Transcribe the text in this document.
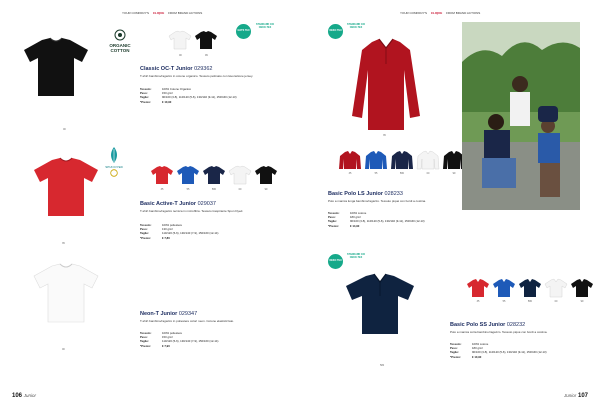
YOUR COMPANY'S CLIQUE FROM BRAND ACTIONS
00
ORGANIC COTTON
00	99
GOTS TEX
STANDARD 100 OEKO-TEX
Classic OC-T Junior 029362
T-shirt bambino/ragazzo in cotone organico. Tessuto pettinato con lavorazione jersey.
Tessuto:	100% Cotone Organico
Peso:	150 g/m²
Taglie:	90/100 (3-5), 110/120 (5-6), 130/140 (9-11), 150/160 (12-13)
*Prezzo:	€ 10,90
35
SPUN DYED
35	55	580	00	99
Basic Active-T Junior 029037
T-shirt bambino/ragazzo tecnica in microfibra. Tessuto traspirante Spun Dyed.
Tessuto:	100% poliestere
Peso:	130 g/m²
Taglie:	110/120 (5-6), 130/140 (7-9), 150/160 (12-14)
*Prezzo:	€ 7,80
00
Neon-T Junior 029347
T-shirt bambino/ragazzo in poliestere colori neon. Cotone elasticizzato.
Tessuto:	100% poliestere
Peso:	150 g/m²
Taglie:	110/120 (5-6), 130/140 (7-9), 150/160 (12-14)
*Prezzo:	€ 7,90
106 Junior
YOUR COMPANY'S CLIQUE FROM BRAND ACTIONS
OEKO TEX
STANDARD 100 OEKO-TEX
35
35	55	580	00	99
Basic Polo LS Junior 028233
Polo a manica lunga bambino/ragazzo. Tessuto piqué con bordi a costina.
Tessuto:	100% cotone
Peso:	180 g/m²
Taglie:	90/100 (3-5), 110/120 (5-6), 130/140 (9-11), 150/160 (12-13)
*Prezzo:	€ 14,90
OEKO TEX
STANDARD 100 OEKO-TEX
580
35	55	580	00	99
Basic Polo SS Junior 028232
Polo a manica corta bambino/ragazzo. Tessuto piqué con bordi a costina.
Tessuto:	100% cotone
Peso:	180 g/m²
Taglie:	90/100 (3-5), 110/120 (5-6), 130/140 (9-11), 150/160 (12-13)
*Prezzo:	€ 10,90
Junior 107
